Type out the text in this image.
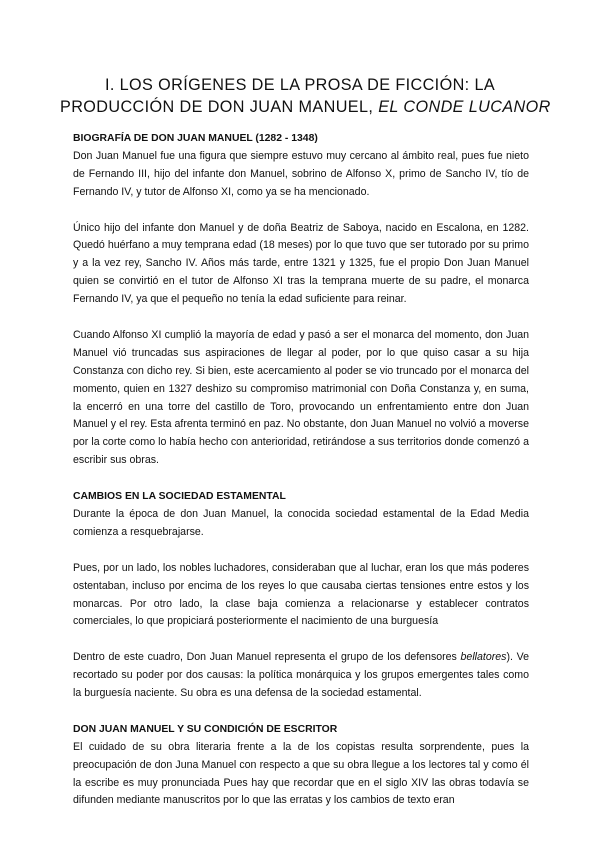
I. LOS ORÍGENES DE LA PROSA DE FICCIÓN: LA
PRODUCCIÓN DE DON JUAN MANUEL, EL CONDE LUCANOR

BIOGRAFÍA DE DON JUAN MANUEL (1282 - 1348)

Don Juan Manuel fue una figura que siempre estuvo muy cercano al ámbito real, pues fue nieto de Fernando III, hijo del infante don Manuel, sobrino de Alfonso X, primo de Sancho IV, tío de Fernando IV, y tutor de Alfonso XI, como ya se ha mencionado.

Único hijo del infante don Manuel y de doña Beatriz de Saboya, nacido en Escalona, en 1282. Quedó huérfano a muy temprana edad (18 meses) por lo que tuvo que ser tutorado por su primo y a la vez rey, Sancho IV. Años más tarde, entre 1321 y 1325, fue el propio Don Juan Manuel quien se convirtió en el tutor de Alfonso XI tras la temprana muerte de su padre, el monarca Fernando IV, ya que el pequeño no tenía la edad suficiente para reinar.

Cuando Alfonso XI cumplió la mayoría de edad y pasó a ser el monarca del momento, don Juan Manuel vió truncadas sus aspiraciones de llegar al poder, por lo que quiso casar a su hija Constanza con dicho rey. Si bien, este acercamiento al poder se vio truncado por el monarca del momento, quien en 1327 deshizo su compromiso matrimonial con Doña Constanza y, en suma, la encerró en una torre del castillo de Toro, provocando un enfrentamiento entre don Juan Manuel y el rey. Esta afrenta terminó en paz. No obstante, don Juan Manuel no volvió a moverse por la corte como lo había hecho con anterioridad, retirándose a sus territorios donde comenzó a escribir sus obras.

CAMBIOS EN LA SOCIEDAD ESTAMENTAL

Durante la época de don Juan Manuel, la conocida sociedad estamental de la Edad Media comienza a resquebrajarse.

Pues, por un lado, los nobles luchadores, consideraban que al luchar, eran los que más poderes ostentaban, incluso por encima de los reyes lo que causaba ciertas tensiones entre estos y los monarcas. Por otro lado, la clase baja comienza a relacionarse y establecer contratos comerciales, lo que propiciará posteriormente el nacimiento de una burguesía

Dentro de este cuadro, Don Juan Manuel representa el grupo de los defensores bellatores). Ve recortado su poder por dos causas: la política monárquica y los grupos emergentes tales como la burguesía naciente. Su obra es una defensa de la sociedad estamental.

DON JUAN MANUEL Y SU CONDICIÓN DE ESCRITOR

El cuidado de su obra literaria frente a la de los copistas resulta sorprendente, pues la preocupación de don Juna Manuel con respecto a que su obra llegue a los lectores tal y como él la escribe es muy pronunciada Pues hay que recordar que en el siglo XIV las obras todavía se difunden mediante manuscritos por lo que las erratas y los cambios de texto eran
